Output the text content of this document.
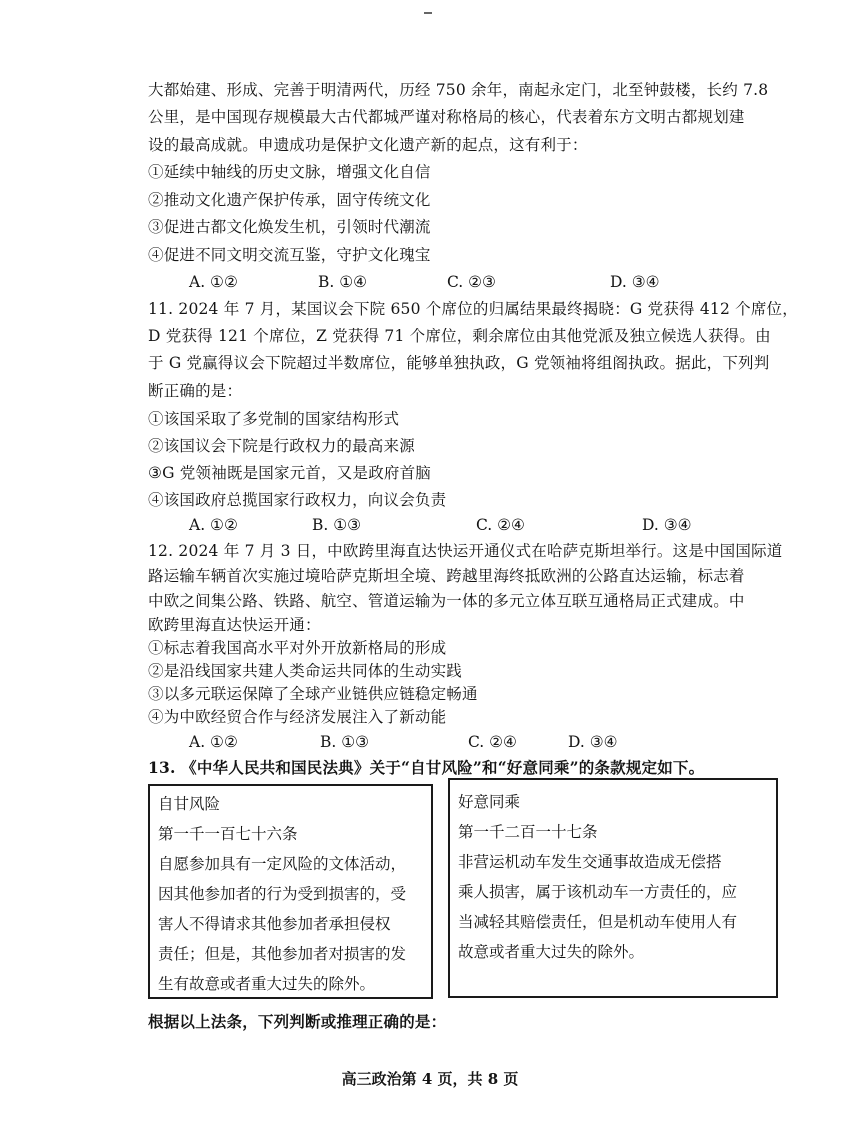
大都始建、形成、完善于明清两代，历经 750 余年，南起永定门，北至钟鼓楼，长约 7.8
公里，是中国现存规模最大古代都城严谨对称格局的核心，代表着东方文明古都规划建
设的最高成就。申遗成功是保护文化遗产新的起点，这有利于：
①延续中轴线的历史文脉，增强文化自信
②推动文化遗产保护传承，固守传统文化
③促进古都文化焕发生机，引领时代潮流
④促进不同文明交流互鉴，守护文化瑰宝
A. ①②	B. ①④	C. ②③	D. ③④
11. 2024 年 7 月，某国议会下院 650 个席位的归属结果最终揭晓：G 党获得 412 个席位，
D 党获得 121 个席位，Z 党获得 71 个席位，剩余席位由其他党派及独立候选人获得。由
于 G 党赢得议会下院超过半数席位，能够单独执政，G 党领袖将组阁执政。据此，下列判
断正确的是：
①该国采取了多党制的国家结构形式
②该国议会下院是行政权力的最高来源
③G 党领袖既是国家元首，又是政府首脑
④该国政府总揽国家行政权力，向议会负责
A. ①②	B. ①③	C. ②④	D. ③④
12. 2024 年 7 月 3 日，中欧跨里海直达快运开通仪式在哈萨克斯坦举行。这是中国国际道
路运输车辆首次实施过境哈萨克斯坦全境、跨越里海终抵欧洲的公路直达运输，标志着
中欧之间集公路、铁路、航空、管道运输为一体的多元立体互联互通格局正式建成。中
欧跨里海直达快运开通：
①标志着我国高水平对外开放新格局的形成
②是沿线国家共建人类命运共同体的生动实践
③以多元联运保障了全球产业链供应链稳定畅通
④为中欧经贸合作与经济发展注入了新动能
A. ①②	B. ①③	C. ②④	D. ③④
13. 《中华人民共和国民法典》关于“自甘风险”和“好意同乘”的条款规定如下。
自甘风险
第一千一百七十六条
自愿参加具有一定风险的文体活动，
因其他参加者的行为受到损害的，受
害人不得请求其他参加者承担侵权
责任；但是，其他参加者对损害的发
生有故意或者重大过失的除外。
好意同乘
第一千二百一十七条
非营运机动车发生交通事故造成无偿搭
乘人损害，属于该机动车一方责任的，应
当减轻其赔偿责任，但是机动车使用人有
故意或者重大过失的除外。
根据以上法条，下列判断或推理正确的是：
高三政治第 4 页，共 8 页
